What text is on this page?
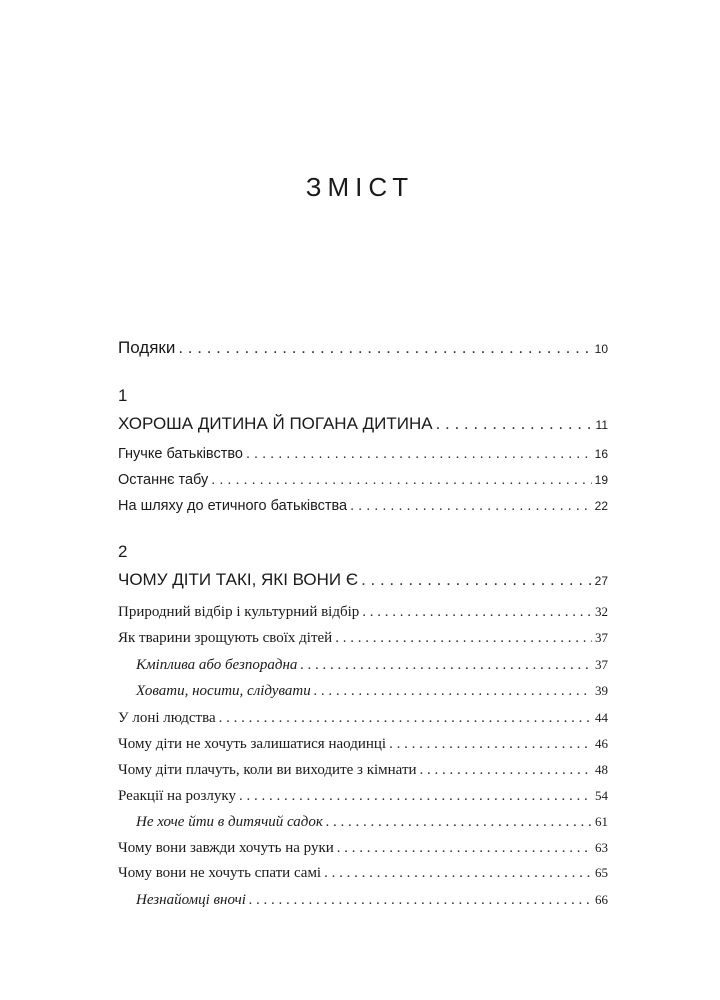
ЗМІСТ
Подяки . . .	10
1
ХОРОША ДИТИНА Й ПОГАНА ДИТИНА . . .	11
Гнучке батьківство . . .	16
Останнє табу . . .	19
На шляху до етичного батьківства . . .	22
2
ЧОМУ ДІТИ ТАКІ, ЯКІ ВОНИ Є . . .	27
Природний відбір і культурний відбір . . .	32
Як тварини зрощують своїх дітей . . .	37
Кміплива або безпорадна . . .	37
Ховати, носити, слідувати . . .	39
У лоні людства . . .	44
Чому діти не хочуть залишатися наодинці . . .	46
Чому діти плачуть, коли ви виходите з кімнати . . .	48
Реакції на розлуку . . .	54
Не хоче йти в дитячий садок . . .	61
Чому вони завжди хочуть на руки . . .	63
Чому вони не хочуть спати самі . . .	65
Незнайомці вночі . . .	66
